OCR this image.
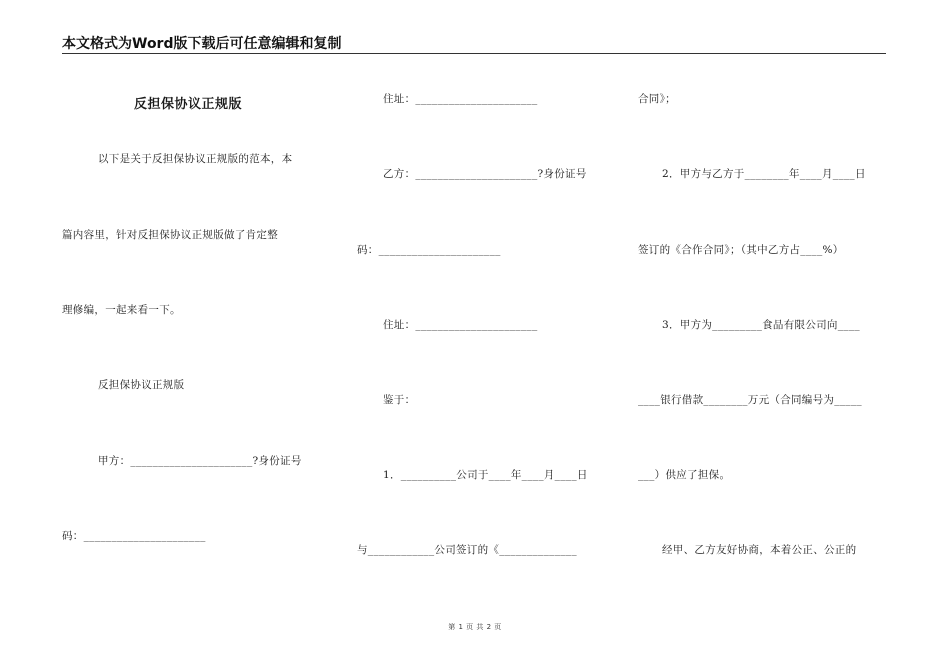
本文格式为Word版下载后可任意编辑和复制
反担保协议正规版
以下是关于反担保协议正规版的范本，本
篇内容里，针对反担保协议正规版做了肯定整
理修编，一起来看一下。
反担保协议正规版
甲方：______________________?身份证号
码：______________________
住址：______________________
乙方：______________________?身份证号
码：______________________
住址：______________________
鉴于：
1．__________公司于____年____月____日
与____________公司签订的《______________
合同》；
2．甲方与乙方于________年____月____日
签订的《合作合同》；（其中乙方占____%）
3．甲方为_________食品有限公司向____
____银行借款________万元（合同编号为_____
___）供应了担保。
经甲、乙方友好协商，本着公正、公正的
第 1 页 共 2 页
